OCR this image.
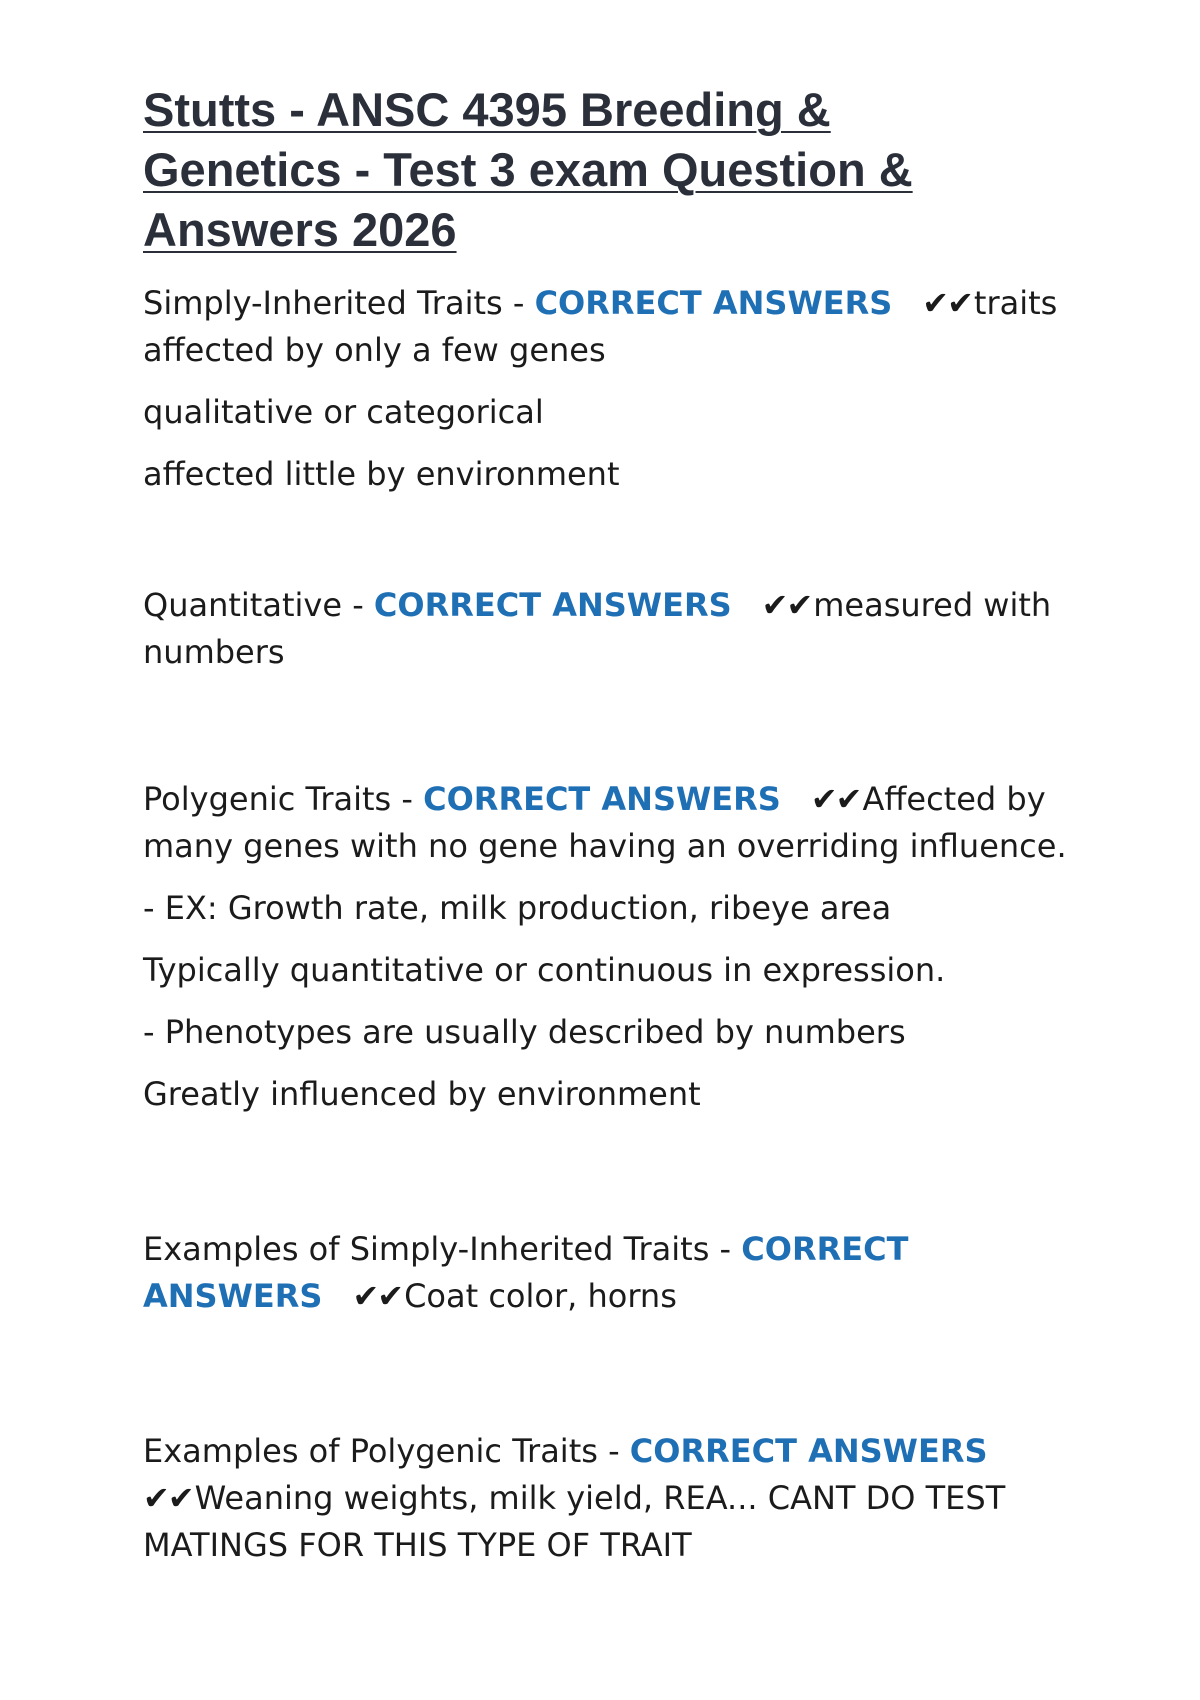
Stutts - ANSC 4395 Breeding &
Genetics - Test 3 exam Question &
Answers 2026

Simply-Inherited Traits - CORRECT ANSWERS ✔✔traits

affected by only a few genes

qualitative or categorical

affected little by environment

Quantitative - CORRECT ANSWERS ✔✔measured with

numbers

Polygenic Traits - CORRECT ANSWERS ✔✔Affected by

many genes with no gene having an overriding influence.

- EX: Growth rate, milk production, ribeye area

Typically quantitative or continuous in expression.

- Phenotypes are usually described by numbers

Greatly influenced by environment

Examples of Simply-Inherited Traits - CORRECT

ANSWERS ✔✔Coat color, horns

Examples of Polygenic Traits - CORRECT ANSWERS

✔✔Weaning weights, milk yield, REA... CANT DO TEST

MATINGS FOR THIS TYPE OF TRAIT
